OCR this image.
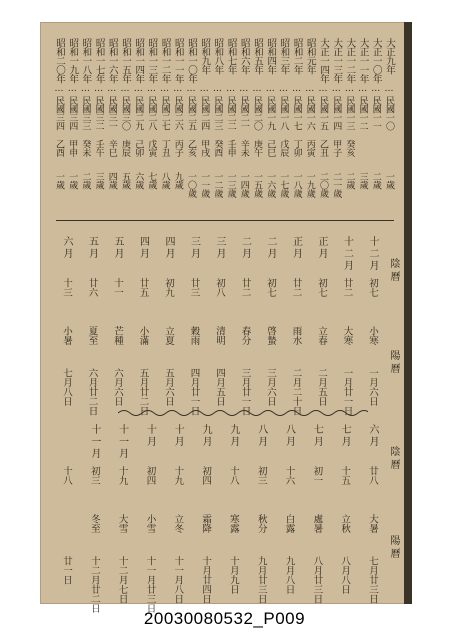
大正九年
…
民國一〇
一歲
大正一〇年
…
民國一一
二歲
大正一一年
…
民國一二
三歲
大正一二年
…
民國一三 癸亥
二歲
大正一三年
…
民國一四 甲子
二一歲
大正一四年
…
民國一五 乙丑
二〇歲
昭和元年
…
民國一六 丙寅
一九歲
昭和二年
…
民國一七 丁卯
一八歲
昭和三年
…
民國一八 戊辰
一七歲
昭和四年
…
民國一九 己巳
一六歲
昭和五年
…
民國二〇 庚午
一五歲
昭和六年
…
民國二一 辛未
一四歲
昭和七年
…
民國二二 壬申
一三歲
昭和八年
…
民國二三 癸酉
一二歲
昭和九年
…
民國二四 甲戌
一一歲
昭和一〇年
…
民國二五 乙亥
一〇歲
昭和一一年
…
民國二六 丙子
九歲
昭和一二年
…
民國二七 丁丑
八歲
昭和一三年
…
民國二八 戊寅
七歲
昭和一四年
…
民國二九 己卯
六歲
昭和一五年
…
民國三〇 庚辰
五歲
昭和一六年
…
民國三一 辛巳
四歲
昭和一七年
…
民國三二 壬午
三歲
昭和一八年
…
民國三三 癸未
二歲
昭和一九年
…
民國三四 甲申
一歲
昭和二〇年
…
民國三四 乙酉
一歲
陰曆
陽曆
陰曆
陽曆
十二月
初七
小寒
一月六日
十二月
廿二
大寒
一月廿一日
正月
初七
立春
二月五日
正月
廿二
雨水
二月二十日
二月
初七
啓蟄
三月六日
二月
廿二
春分
三月廿一日
三月
初八
清明
四月五日
三月
廿三
穀雨
四月廿一日
四月
初九
立夏
五月六日
四月
廿五
小滿
五月廿二日
五月
十一
芒種
六月六日
五月
廿六
夏至
六月廿二日
六月
十三
小暑
七月八日
六月
廿八
大暑
七月廿三日
七月
十五
立秋
八月八日
七月
初一
處暑
八月廿三日
八月
十六
白露
九月八日
八月
初三
秋分
九月廿三日
九月
十八
寒露
十月九日
九月
初四
霜降
十月廿四日
十月
十九
立冬
十一月八日
十月
初四
小雪
十一月廿三日
十一月
十九
大雪
十二月七日
十一月
初三
冬至
十二月廿二日
十八
廿一日
20030080532_P009
